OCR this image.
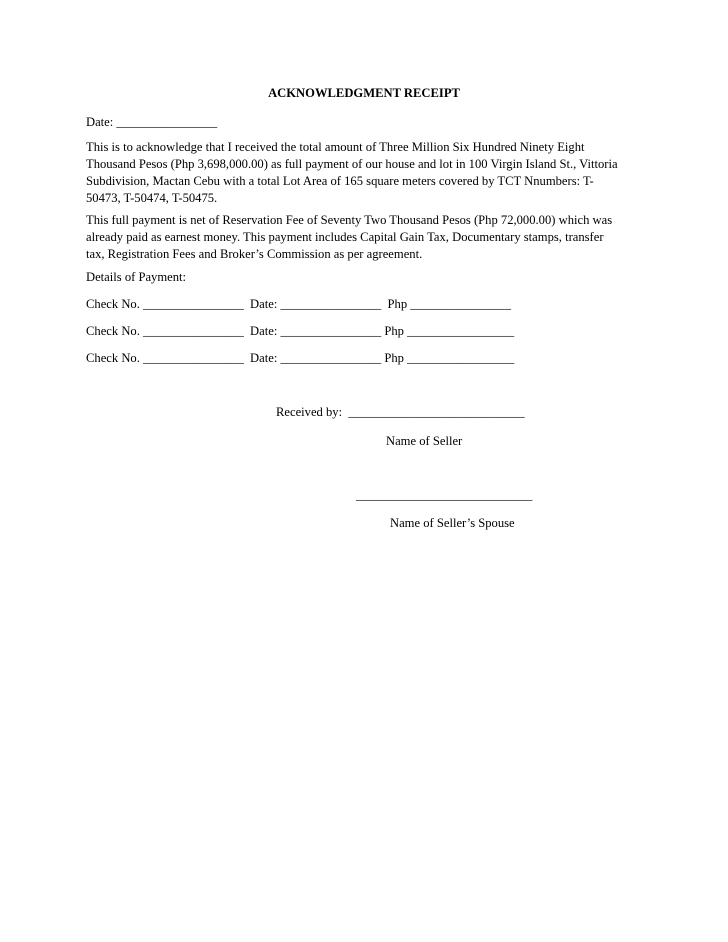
ACKNOWLEDGMENT RECEIPT
Date: ________________
This is to acknowledge that I received the total amount of Three Million Six Hundred Ninety Eight
Thousand Pesos (Php 3,698,000.00) as full payment of our house and lot in 100 Virgin Island St., Vittoria
Subdivision, Mactan Cebu with a total Lot Area of 165 square meters covered by TCT Nnumbers: T-
50473, T-50474, T-50475.
This full payment is net of Reservation Fee of Seventy Two Thousand Pesos (Php 72,000.00) which was
already paid as earnest money. This payment includes Capital Gain Tax, Documentary stamps, transfer
tax, Registration Fees and Broker’s Commission as per agreement.
Details of Payment:
Check No. ________________  Date: ________________  Php ________________
Check No. ________________  Date: ________________ Php _________________
Check No. ________________  Date: ________________ Php _________________
Received by:  ____________________________
Name of Seller
____________________________
Name of Seller’s Spouse
